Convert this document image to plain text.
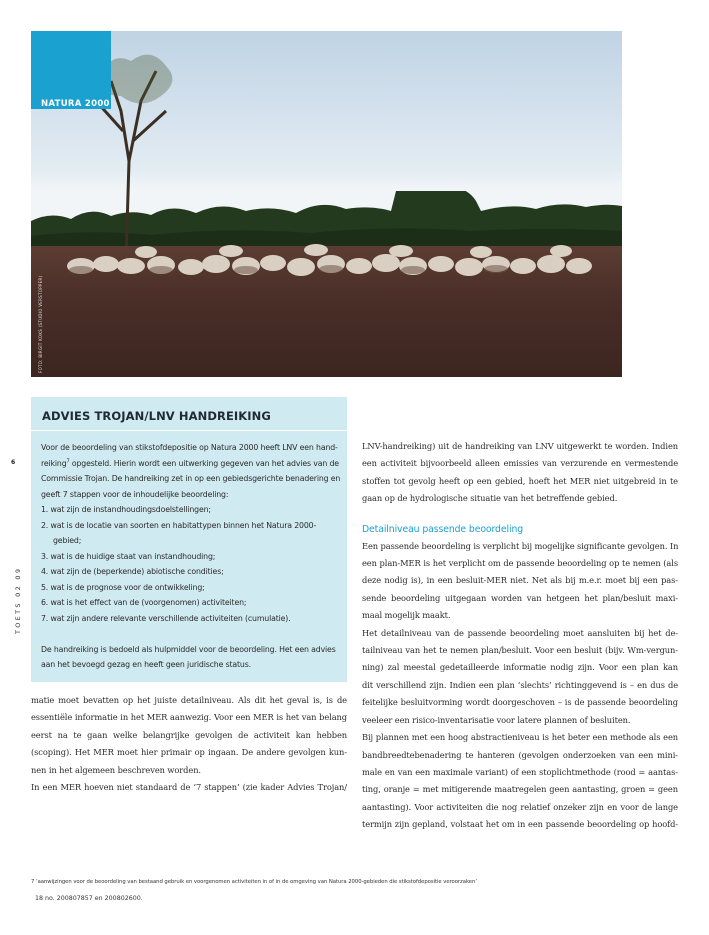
NATURA 2000
FOTO: BIRGIT KOKS (STUDIO VERSTOPPER)
6
TOETS 02 09
ADVIES TROJAN/LNV HANDREIKING
Voor de beoordeling van stikstofdepositie op Natura 2000 heeft LNV een hand-
reiking$^7$ opgesteld. Hierin wordt een uitwerking gegeven van het advies van de
Commissie Trojan. De handreiking zet in op een gebiedsgerichte benadering en
geeft 7 stappen voor de inhoudelijke beoordeling:
1. wat zijn de instandhoudingsdoelstellingen;
2. wat is de locatie van soorten en habitattypen binnen het Natura 2000-
gebied;
3. wat is de huidige staat van instandhouding;
4. wat zijn de (beperkende) abiotische condities;
5. wat is de prognose voor de ontwikkeling;
6. wat is het effect van de (voorgenomen) activiteiten;
7. wat zijn andere relevante verschillende activiteiten (cumulatie).
De handreiking is bedoeld als hulpmiddel voor de beoordeling. Het een advies
aan het bevoegd gezag en heeft geen juridische status.
matie moet bevatten op het juiste detailniveau. Als dit het geval is, is de
essentiële informatie in het MER aanwezig. Voor een MER is het van belang
eerst na te gaan welke belangrijke gevolgen de activiteit kan hebben
(scoping). Het MER moet hier primair op ingaan. De andere gevolgen kun-
nen in het algemeen beschreven worden.
In een MER hoeven niet standaard de ‘7 stappen’ (zie kader Advies Trojan/
LNV-handreiking) uit de handreiking van LNV uitgewerkt te worden. Indien
een activiteit bijvoorbeeld alleen emissies van verzurende en vermestende
stoffen tot gevolg heeft op een gebied, hoeft het MER niet uitgebreid in te
gaan op de hydrologische situatie van het betreffende gebied.
Detailniveau passende beoordeling
Een passende beoordeling is verplicht bij mogelijke significante gevolgen. In
een plan-MER is het verplicht om de passende beoordeling op te nemen (als
deze nodig is), in een besluit-MER niet. Net als bij m.e.r. moet bij een pas-
sende beoordeling uitgegaan worden van hetgeen het plan/besluit maxi-
maal mogelijk maakt.
Het detailniveau van de passende beoordeling moet aansluiten bij het de-
tailniveau van het te nemen plan/besluit. Voor een besluit (bijv. Wm-vergun-
ning) zal meestal gedetailleerde informatie nodig zijn. Voor een plan kan
dit verschillend zijn. Indien een plan ‘slechts’ richtinggevend is – en dus de
feitelijke besluitvorming wordt doorgeschoven – is de passende beoordeling
veeleer een risico-inventarisatie voor latere plannen of besluiten.
Bij plannen met een hoog abstractieniveau is het beter een methode als een
bandbreedtebenadering te hanteren (gevolgen onderzoeken van een mini-
male en van een maximale variant) of een stoplichtmethode (rood = aantas-
ting, oranje = met mitigerende maatregelen geen aantasting, groen = geen
aantasting). Voor activiteiten die nog relatief onzeker zijn en voor de lange
termijn zijn gepland, volstaat het om in een passende beoordeling op hoofd-
7 ‘aanwijzingen voor de beoordeling van bestaand gebruik en voorgenomen activiteiten in of in de omgeving van Natura 2000-gebieden die stikstofdepositie veroorzaken’
18 no. 200807857 en 200802600.
